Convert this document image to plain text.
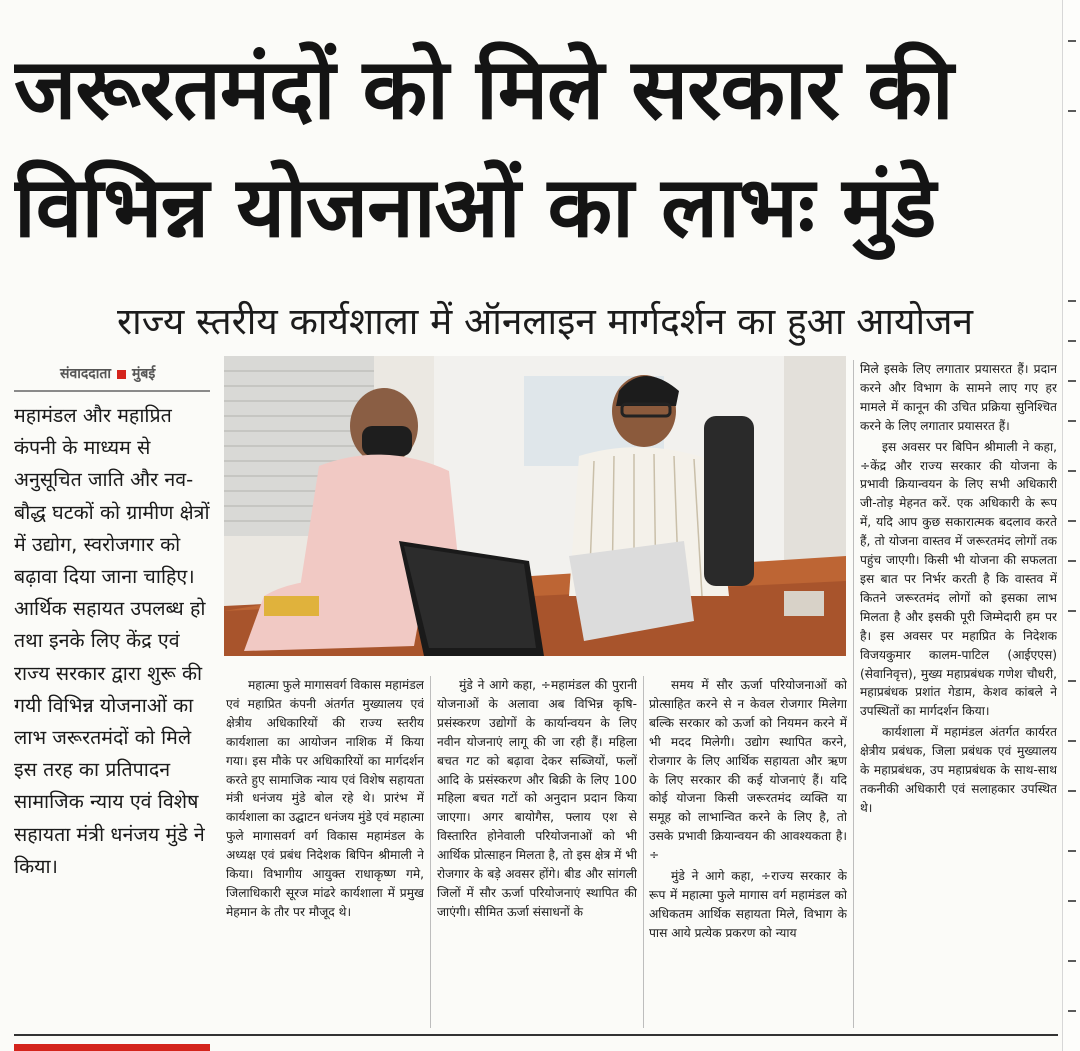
जरूरतमंदों को मिले सरकार की
विभिन्न योजनाओं का लाभः मुंडे
राज्य स्तरीय कार्यशाला में ऑनलाइन मार्गदर्शन का हुआ आयोजन
संवाददाता मुंबई

महामंडल और महाप्रित कंपनी के माध्यम से अनुसूचित जाति और नव-बौद्ध घटकों को ग्रामीण क्षेत्रों में उद्योग, स्वरोजगार को बढ़ावा दिया जाना चाहिए। आर्थिक सहायत उपलब्ध हो तथा इनके लिए केंद्र एवं राज्य सरकार द्वारा शुरू की गयी विभिन्न योजनाओं का लाभ जरूरतमंदों को मिले इस तरह का प्रतिपादन सामाजिक न्याय एवं विशेष सहायता मंत्री धनंजय मुंडे ने किया।

महात्मा फुले मागासवर्ग विकास महामंडल एवं महाप्रित कंपनी अंतर्गत मुख्यालय एवं क्षेत्रीय अधिकारियों की राज्य स्तरीय कार्यशाला का आयोजन नाशिक में किया गया। इस मौके पर अधिकारियों का मार्गदर्शन करते हुए सामाजिक न्याय एवं विशेष सहायता मंत्री धनंजय मुंडे बोल रहे थे। प्रारंभ में कार्यशाला का उद्घाटन धनंजय मुंडे एवं महात्मा फुले मागासवर्ग वर्ग विकास महामंडल के अध्यक्ष एवं प्रबंध निदेशक बिपिन श्रीमाली ने किया। विभागीय आयुक्त राधाकृष्ण गमे, जिलाधिकारी सूरज मांढरे कार्यशाला में प्रमुख मेहमान के तौर पर मौजूद थे।

मुंडे ने आगे कहा, ÷महामंडल की पुरानी योजनाओं के अलावा अब विभिन्न कृषि-प्रसंस्करण उद्योगों के कार्यान्वयन के लिए नवीन योजनाएं लागू की जा रही हैं। महिला बचत गट को बढ़ावा देकर सब्जियों, फलों आदि के प्रसंस्करण और बिक्री के लिए 100 महिला बचत गटों को अनुदान प्रदान किया जाएगा। अगर बायोगैस, फ्लाय एश से विस्तारित होनेवाली परियोजनाओं को भी आर्थिक प्रोत्साहन मिलता है, तो इस क्षेत्र में भी रोजगार के बड़े अवसर होंगे। बीड और सांगली जिलों में सौर ऊर्जा परियोजनाएं स्थापित की जाएंगी। सीमित ऊर्जा संसाधनों के

समय में सौर ऊर्जा परियोजनाओं को प्रोत्साहित करने से न केवल रोजगार मिलेगा बल्कि सरकार को ऊर्जा को नियमन करने में भी मदद मिलेगी। उद्योग स्थापित करने, रोजगार के लिए आर्थिक सहायता और ऋण के लिए सरकार की कई योजनाएं हैं। यदि कोई योजना किसी जरूरतमंद व्यक्ति या समूह को लाभान्वित करने के लिए है, तो उसके प्रभावी क्रियान्वयन की आवश्यकता है। ÷

मुंडे ने आगे कहा, ÷राज्य सरकार के रूप में महात्मा फुले मागास वर्ग महामंडल को अधिकतम आर्थिक सहायता मिले, विभाग के पास आये प्रत्येक प्रकरण को न्याय

मिले इसके लिए लगातार प्रयासरत हैं। प्रदान करने और विभाग के सामने लाए गए हर मामले में कानून की उचित प्रक्रिया सुनिश्चित करने के लिए लगातार प्रयासरत हैं।

इस अवसर पर बिपिन श्रीमाली ने कहा, ÷केंद्र और राज्य सरकार की योजना के प्रभावी क्रियान्वयन के लिए सभी अधिकारी जी-तोड़ मेहनत करें. एक अधिकारी के रूप में, यदि आप कुछ सकारात्मक बदलाव करते हैं, तो योजना वास्तव में जरूरतमंद लोगों तक पहुंच जाएगी। किसी भी योजना की सफलता इस बात पर निर्भर करती है कि वास्तव में कितने जरूरतमंद लोगों को इसका लाभ मिलता है और इसकी पूरी जिम्मेदारी हम पर है। इस अवसर पर महाप्रित के निदेशक विजयकुमार कालम-पाटिल (आईएएस) (सेवानिवृत्त), मुख्य महाप्रबंधक गणेश चौधरी, महाप्रबंधक प्रशांत गेडाम, केशव कांबले ने उपस्थितों का मार्गदर्शन किया।

कार्यशाला में महामंडल अंतर्गत कार्यरत क्षेत्रीय प्रबंधक, जिला प्रबंधक एवं मुख्यालय के महाप्रबंधक, उप महाप्रबंधक के साथ-साथ तकनीकी अधिकारी एवं सलाहकार उपस्थित थे।
